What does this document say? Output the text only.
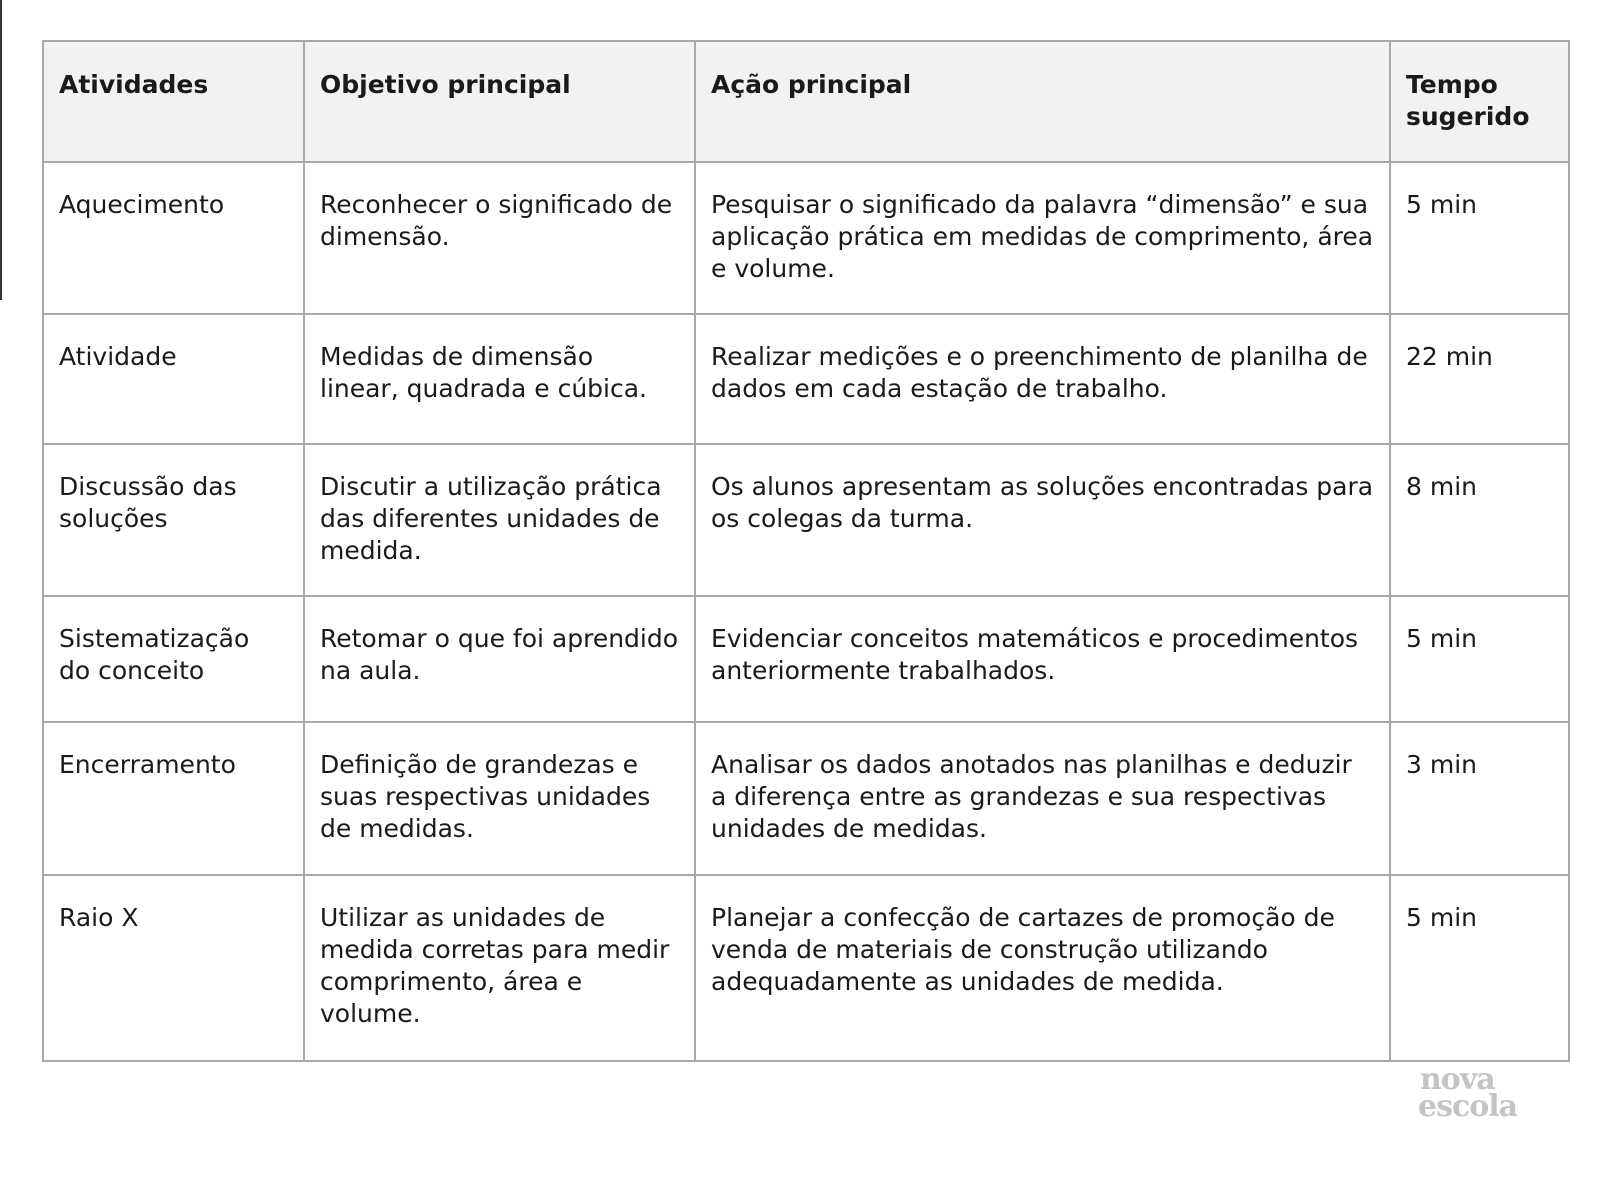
Atividades	Objetivo principal	Ação principal	Tempo sugerido
Aquecimento	Reconhecer o significado de dimensão.	Pesquisar o significado da palavra “dimensão” e sua aplicação prática em medidas de comprimento, área e volume.	5 min
Atividade	Medidas de dimensão linear, quadrada e cúbica.	Realizar medições e o preenchimento de planilha de dados em cada estação de trabalho.	22 min
Discussão das soluções	Discutir a utilização prática das diferentes unidades de medida.	Os alunos apresentam as soluções encontradas para os colegas da turma.	8 min
Sistematização do conceito	Retomar o que foi aprendido na aula.	Evidenciar conceitos matemáticos e procedimentos anteriormente trabalhados.	5 min
Encerramento	Definição de grandezas e suas respectivas unidades de medidas.	Analisar os dados anotados nas planilhas e deduzir a diferença entre as grandezas e sua respectivas unidades de medidas.	3 min
Raio X	Utilizar as unidades de medida corretas para medir comprimento, área e volume.	Planejar a confecção de cartazes de promoção de venda de materiais de construção utilizando adequadamente as unidades de medida.	5 min
nova
escola
